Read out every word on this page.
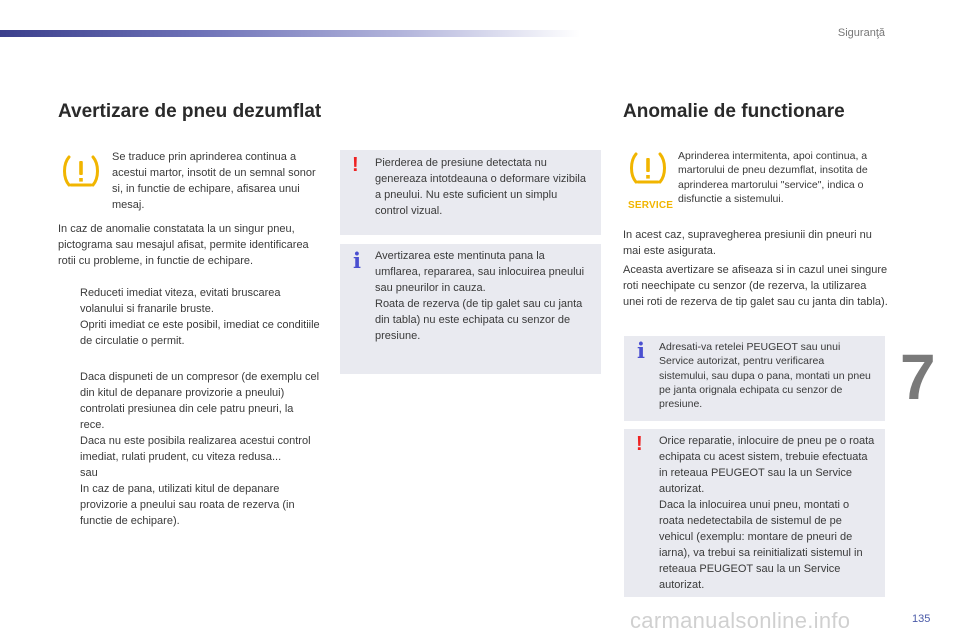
Siguranţă
Avertizare de pneu dezumflat
Se traduce prin aprinderea continua a acestui martor, insotit de un semnal sonor si, in functie de echipare, afisarea unui mesaj.
In caz de anomalie constatata la un singur pneu, pictograma sau mesajul afisat, permite identificarea rotii cu probleme, in functie de echipare.
Reduceti imediat viteza, evitati bruscarea volanului si franarile bruste.
Opriti imediat ce este posibil, imediat ce conditiile de circulatie o permit.
Daca dispuneti de un compresor (de exemplu cel din kitul de depanare provizorie a pneului) controlati presiunea din cele patru pneuri, la rece.
Daca nu este posibila realizarea acestui control imediat, rulati prudent, cu viteza redusa...
sau
In caz de pana, utilizati kitul de depanare provizorie a pneului sau roata de rezerva (in functie de echipare).
! Pierderea de presiune detectata nu genereaza intotdeauna o deformare vizibila a pneului. Nu este suficient un simplu control vizual.
i Avertizarea este mentinuta pana la umflarea, repararea, sau inlocuirea pneului sau pneurilor in cauza.
Roata de rezerva (de tip galet sau cu janta din tabla) nu este echipata cu senzor de presiune.
Anomalie de functionare
SERVICE
Aprinderea intermitenta, apoi continua, a martorului de pneu dezumflat, insotita de aprinderea martorului "service", indica o disfunctie a sistemului.
In acest caz, supravegherea presiunii din pneuri nu mai este asigurata.
Aceasta avertizare se afiseaza si in cazul unei singure roti neechipate cu senzor (de rezerva, la utilizarea unei roti de rezerva de tip galet sau cu janta din tabla).
i Adresati-va retelei PEUGEOT sau unui Service autorizat, pentru verificarea sistemului, sau dupa o pana, montati un pneu pe janta orignala echipata cu senzor de presiune.
! Orice reparatie, inlocuire de pneu pe o roata echipata cu acest sistem, trebuie efectuata in reteaua PEUGEOT sau la un Service autorizat.
Daca la inlocuirea unui pneu, montati o roata nedetectabila de sistemul de pe vehicul (exemplu: montare de pneuri de iarna), va trebui sa reinitializati sistemul in reteaua PEUGEOT sau la un Service autorizat.
7
carmanualsonline.info	135
